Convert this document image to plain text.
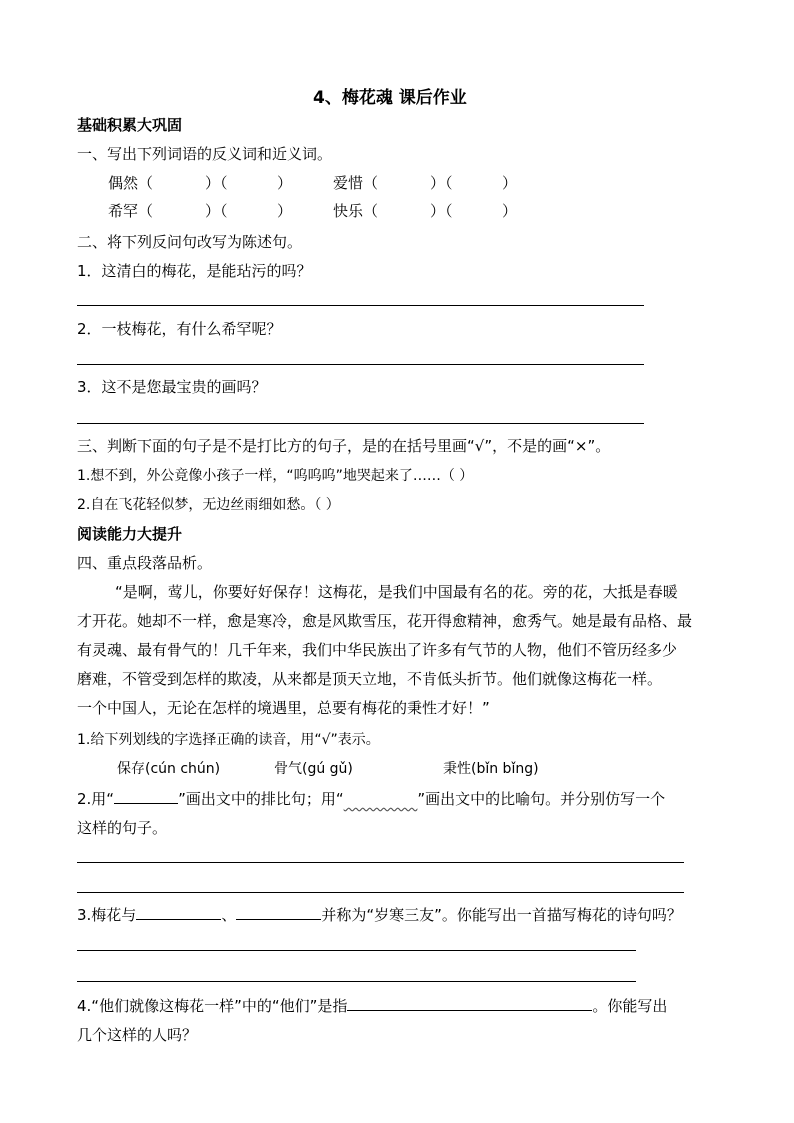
4、梅花魂 课后作业
基础积累大巩固
一、写出下列词语的反义词和近义词。
偶然（	）（	）	爱惜（	）（	）
希罕（	）（	）	快乐（	）（	）
二、将下列反问句改写为陈述句。
1．这清白的梅花，是能玷污的吗？
2．一枝梅花，有什么希罕呢？
3．这不是您最宝贵的画吗？
三、判断下面的句子是不是打比方的句子，是的在括号里画“√”，不是的画“×”。
1.想不到，外公竟像小孩子一样，“呜呜呜”地哭起来了……（ ）
2.自在飞花轻似梦，无边丝雨细如愁。（ ）
阅读能力大提升
四、重点段落品析。
“是啊，莺儿，你要好好保存！这梅花，是我们中国最有名的花。旁的花，大抵是春暖
才开花。她却不一样，愈是寒冷，愈是风欺雪压，花开得愈精神，愈秀气。她是最有品格、最
有灵魂、最有骨气的！几千年来，我们中华民族出了许多有气节的人物，他们不管历经多少
磨难，不管受到怎样的欺凌，从来都是顶天立地，不肯低头折节。他们就像这梅花一样。
一个中国人，无论在怎样的境遇里，总要有梅花的秉性才好！”
1.给下列划线的字选择正确的读音，用“√”表示。
保存(cún chún)	骨气(gú gǔ)	秉性(bǐn bǐng)
2.用“	”画出文中的排比句；用“	”画出文中的比喻句。并分别仿写一个
这样的句子。
3.梅花与	、	并称为“岁寒三友”。你能写出一首描写梅花的诗句吗？
4.“他们就像这梅花一样”中的“他们”是指	。你能写出
几个这样的人吗？
